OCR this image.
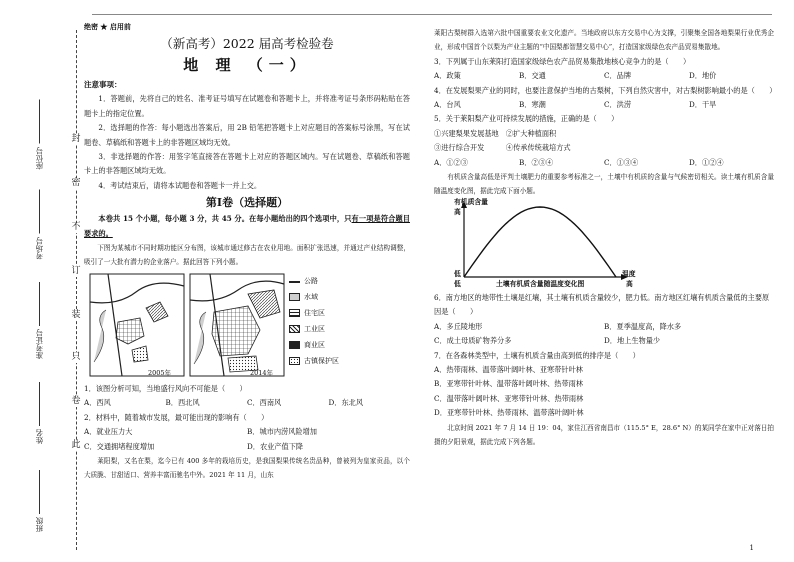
此
卷
只
装
订
不
密
封
班级
姓名
准考证号
考场号
座位号
绝密 ★ 启用前
（新高考）2022 届高考检验卷
地 理 （一）
注意事项：

1．答题前，先将自己的姓名、准考证号填写在试题卷和答题卡上，并将准考证号条形码粘贴在答题卡上的指定位置。

2．选择题的作答：每小题选出答案后，用 2B 铅笔把答题卡上对应题目的答案标号涂黑，写在试题卷、草稿纸和答题卡上的非答题区域均无效。

3．非选择题的作答：用签字笔直接答在答题卡上对应的答题区域内。写在试题卷、草稿纸和答题卡上的非答题区域均无效。

4．考试结束后，请将本试题卷和答题卡一并上交。

第Ⅰ卷（选择题）

本卷共 15 个小题，每小题 3 分，共 45 分。在每小题给出的四个选项中，只有一项是符合题目要求的。

下图为某城市不同时期功能区分布图，该城市通过修古在农业用地。面积扩张迅速，并通过产业结构调整，吸引了一大批有潜力的企业落户。据此回答下列小题。

2005年	2014年
公路
水域
住宅区
工业区
商业区
古镇保护区
1．该图分析可知，当地盛行风向不可能是（　　）
A．西风	B．西北风	C．西南风	D．东北风
2．材料中，随着城市发展，最可能出现的影响有（　　）
A．就业压力大	B．城市内涝风险增加
C．交通拥堵程度增加	D．农业产值下降

莱阳梨，又名在梨，迄今已有 400 多年的栽培历史，是我国梨果传统名贵品种，曾被列为皇家贡品，以个大质脆、甘甜适口、营养丰富而驰名中外。2021 年 11 月，山东

莱阳古梨树群入选第六批中国重要农业文化遗产。当地政府以东方交易中心为支撑，引聚集全国各地梨果行业优秀企业，形成中国首个以梨为产业主题的“中国梨都智慧交易中心”，打造国家级绿色农产品贸易集散地。

3．下列属于山东莱阳打造国家级绿色农产品贸易集散地核心竞争力的是（　　）
A．政策	B．交通	C．品牌	D．地价
4．在发展梨果产业的同时，也要注意保护当地的古梨树，下列自然灾害中，对古梨树影响最小的是（　　）
A．台风	B．寒潮	C．洪涝	D．干旱
5．关于莱阳梨产业可持续发展的措施，正确的是（　　）
①兴建梨果发展基地　②扩大种植面积
③进行综合开发　　　④传承传统栽培方式
A．①②③	B．②③④	C．①③④	D．①②④

有机质含量高低是评判土壤肥力的重要参考标准之一，土壤中有机质的含量与气候密切相关。读土壤有机质含量随温度变化图，据此完成下面小题。

有机质含量
高
低
低	土壤有机质含量随温度变化图
温度
高
6．南方地区的地带性土壤是红壤，其土壤有机质含量较少，肥力低。南方地区红壤有机质含量低的主要原因是（　　）
A．多丘陵地形	B．夏季温度高，降水多
C．成土母质矿物养分多	D．地上生物量少
7．在各森林类型中，土壤有机质含量由高到低的排序是（　　）
A．热带雨林、温带落叶阔叶林、亚寒带针叶林
B．亚寒带针叶林、温带落叶阔叶林、热带雨林
C．温带落叶阔叶林、亚寒带针叶林、热带雨林
D．亚寒带针叶林、热带雨林、温带落叶阔叶林

北京时间 2021 年 7 月 14 日 19：04，家住江西省南昌市（115.5° E，28.6° N）的某同学在家中正对落日拍摄的夕阳景观，据此完成下列各题。

1
